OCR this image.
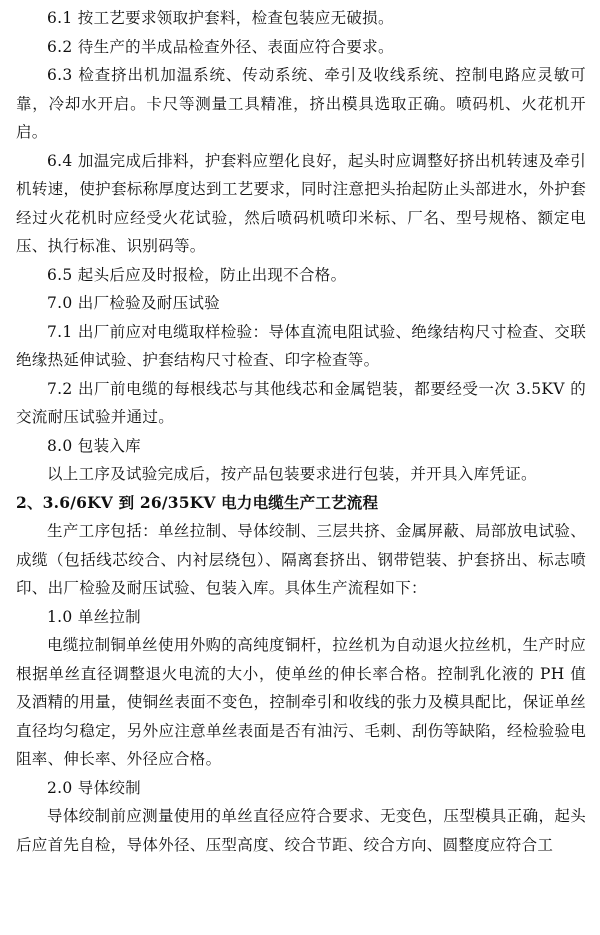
6.1 按工艺要求领取护套料，检查包装应无破损。

6.2 待生产的半成品检查外径、表面应符合要求。

6.3 检查挤出机加温系统、传动系统、牵引及收线系统、控制电路应灵敏可靠，冷却水开启。卡尺等测量工具精准，挤出模具选取正确。喷码机、火花机开启。

6.4 加温完成后排料，护套料应塑化良好，起头时应调整好挤出机转速及牵引机转速，使护套标称厚度达到工艺要求，同时注意把头抬起防止头部进水，外护套经过火花机时应经受火花试验，然后喷码机喷印米标、厂名、型号规格、额定电压、执行标准、识别码等。

6.5 起头后应及时报检，防止出现不合格。

7.0 出厂检验及耐压试验

7.1 出厂前应对电缆取样检验：导体直流电阻试验、绝缘结构尺寸检查、交联绝缘热延伸试验、护套结构尺寸检查、印字检查等。

7.2 出厂前电缆的每根线芯与其他线芯和金属铠装，都要经受一次 3.5KV 的交流耐压试验并通过。

8.0 包装入库

以上工序及试验完成后，按产品包装要求进行包装，并开具入库凭证。

2、3.6/6KV 到 26/35KV 电力电缆生产工艺流程

生产工序包括：单丝拉制、导体绞制、三层共挤、金属屏蔽、局部放电试验、成缆（包括线芯绞合、内衬层绕包）、隔离套挤出、钢带铠装、护套挤出、标志喷印、出厂检验及耐压试验、包装入库。具体生产流程如下：

1.0 单丝拉制

电缆拉制铜单丝使用外购的高纯度铜杆，拉丝机为自动退火拉丝机，生产时应根据单丝直径调整退火电流的大小，使单丝的伸长率合格。控制乳化液的 PH 值及酒精的用量，使铜丝表面不变色，控制牵引和收线的张力及模具配比，保证单丝直径均匀稳定，另外应注意单丝表面是否有油污、毛刺、刮伤等缺陷，经检验验电阻率、伸长率、外径应合格。

2.0 导体绞制

导体绞制前应测量使用的单丝直径应符合要求、无变色，压型模具正确，起头后应首先自检，导体外径、压型高度、绞合节距、绞合方向、圆整度应符合工
